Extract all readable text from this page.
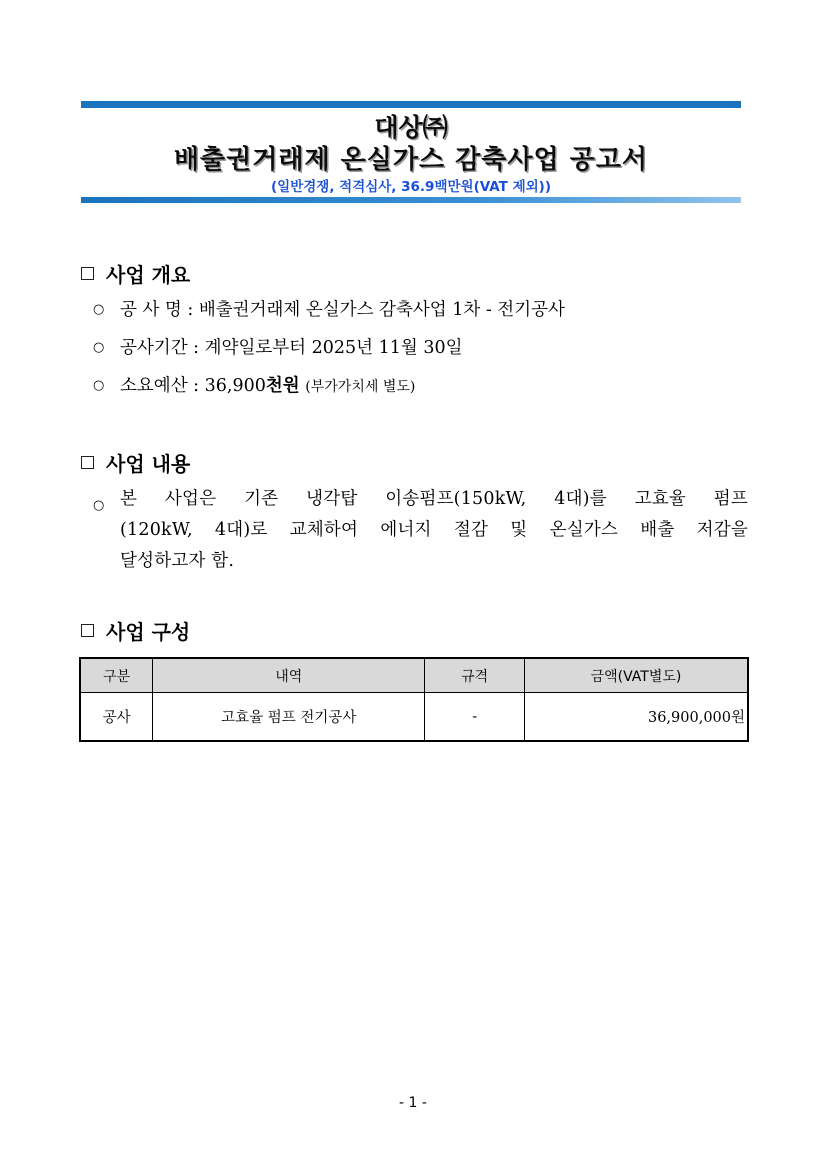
대상㈜
배출권거래제 온실가스 감축사업 공고서
(일반경쟁, 적격심사, 36.9백만원(VAT 제외))
사업 개요
○ 공 사 명 : 배출권거래제 온실가스 감축사업 1차 - 전기공사
○ 공사기간 : 계약일로부터 2025년 11월 30일
○ 소요예산 : 36,900천원 (부가가치세 별도)
사업 내용
○ 본 사업은 기존 냉각탑 이송펌프(150kW, 4대)를 고효율 펌프
(120kW, 4대)로 교체하여 에너지 절감 및 온실가스 배출 저감을
달성하고자 함.
사업 구성
구분	내역	규격	금액(VAT별도)
공사	고효율 펌프 전기공사	-	36,900,000원
- 1 -
